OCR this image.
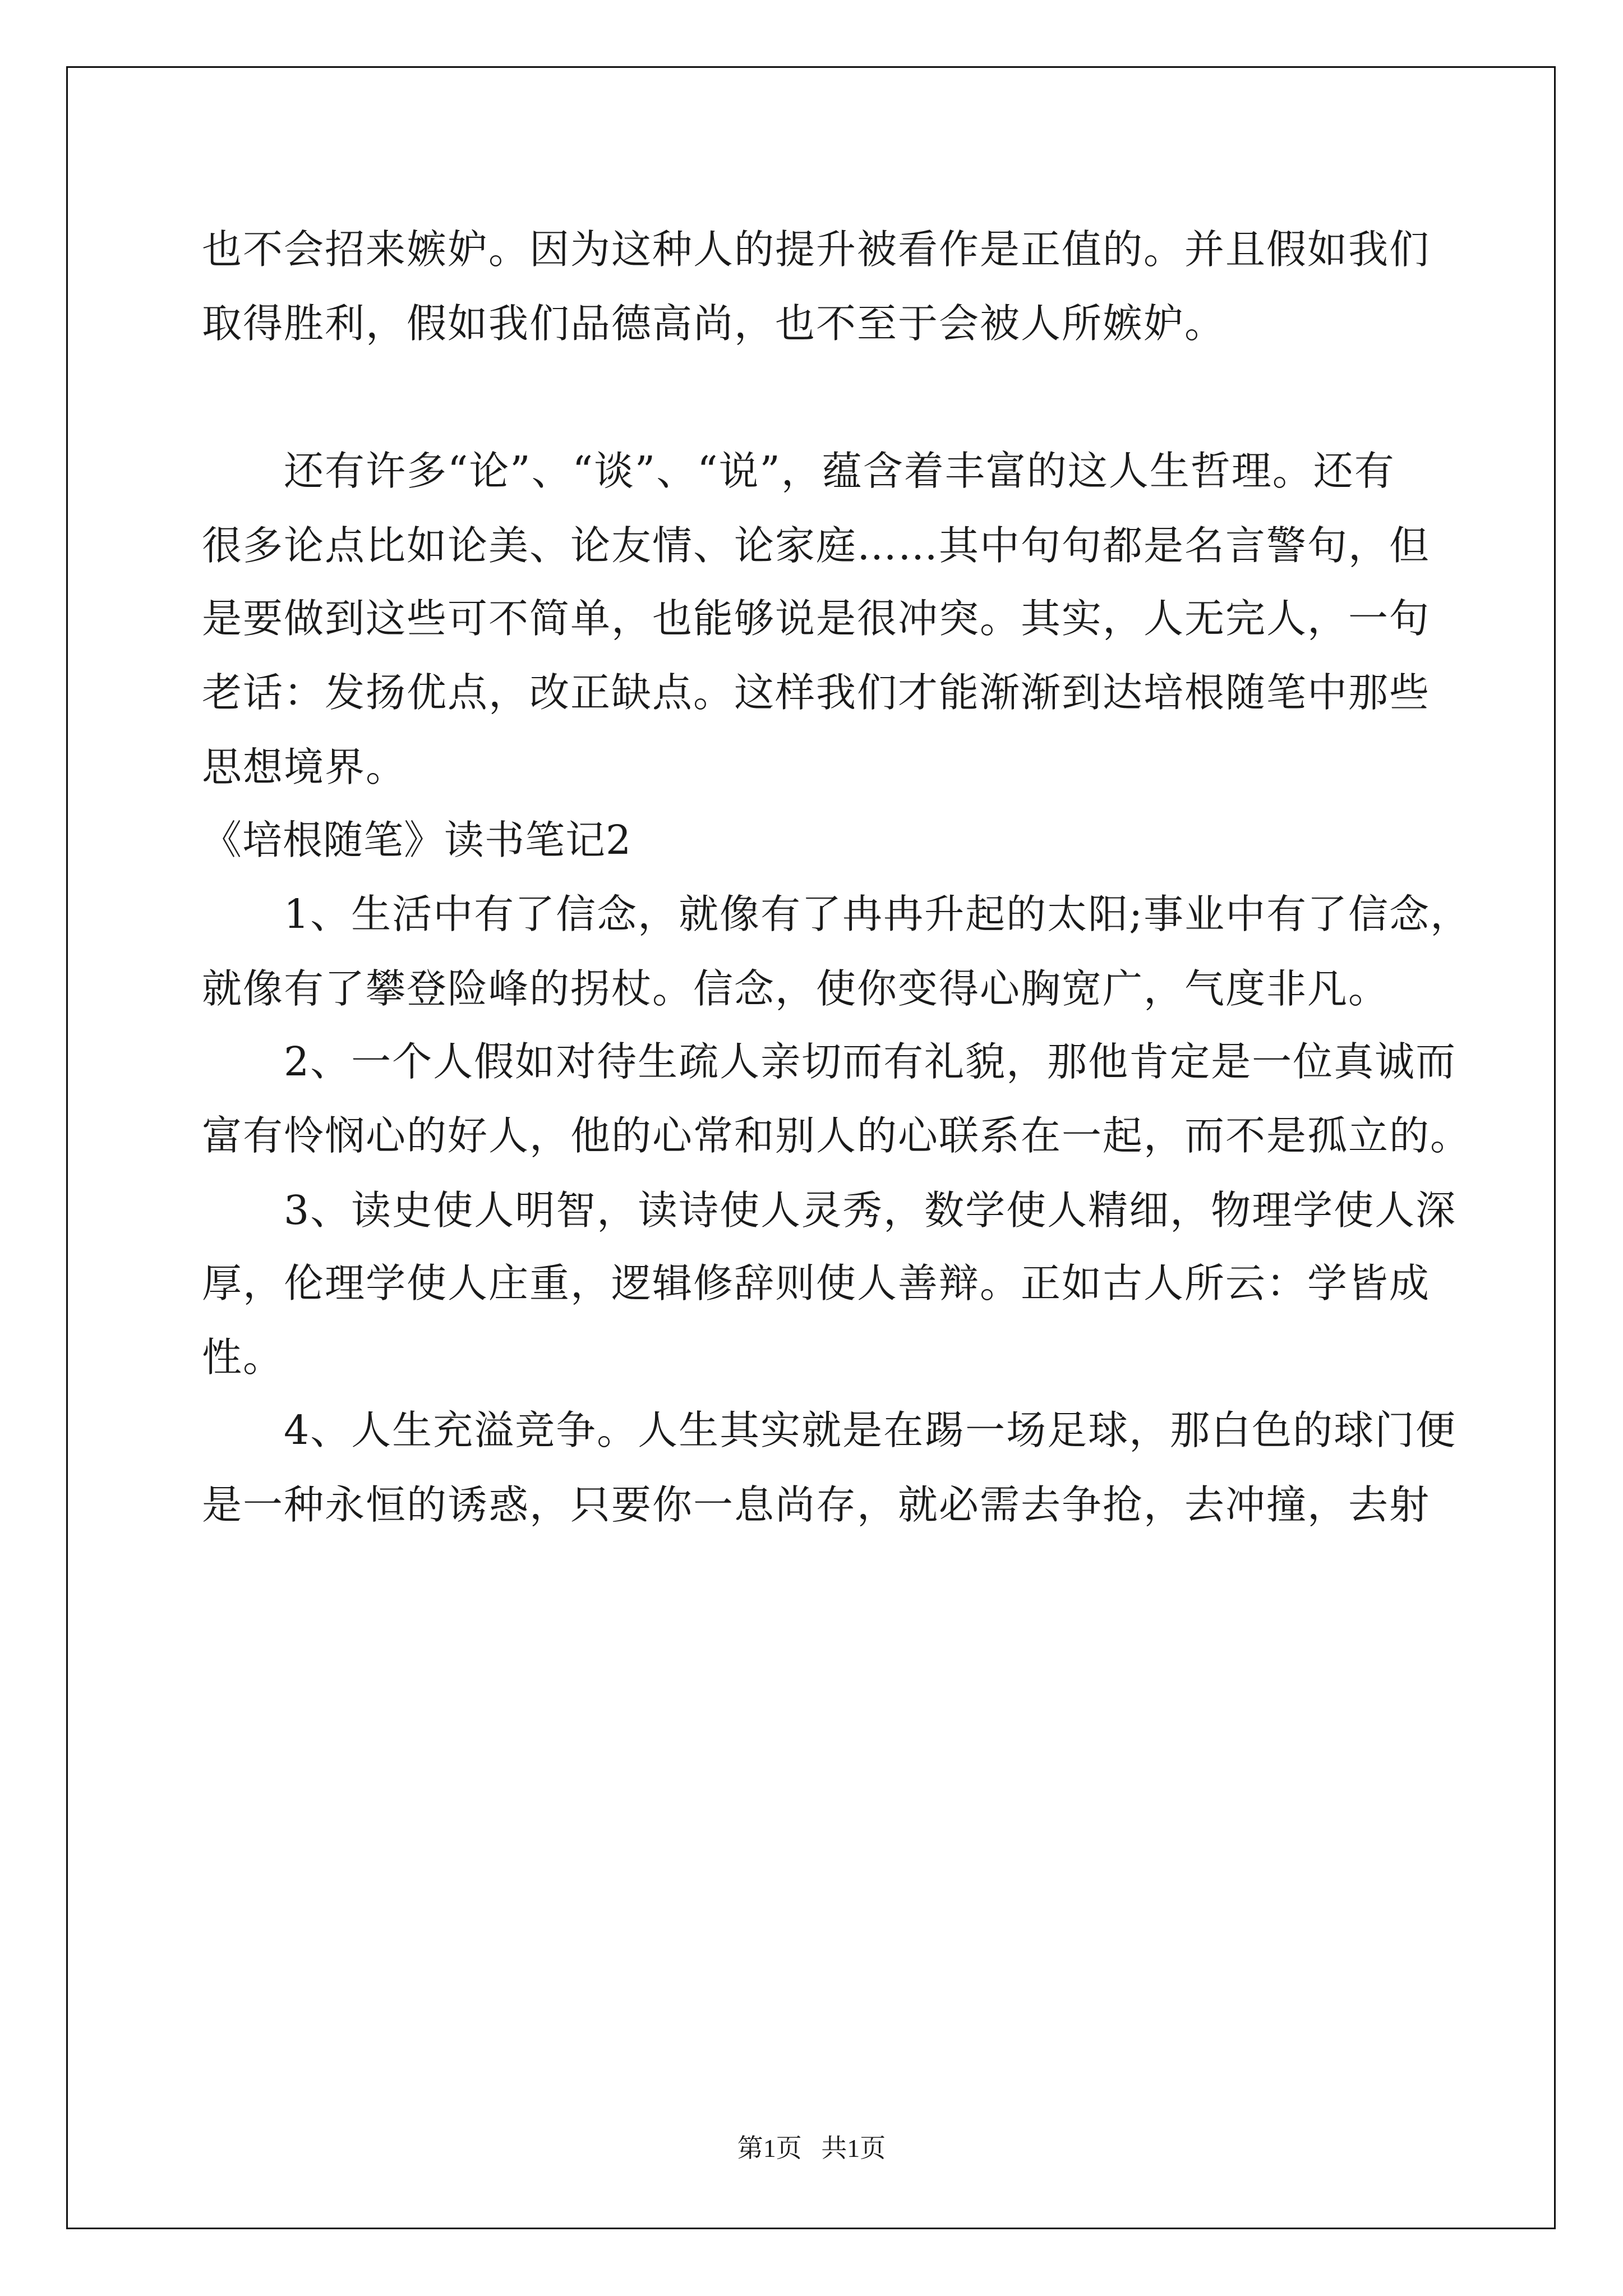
也不会招来嫉妒。因为这种人的提升被看作是正值的。并且假如我们
取得胜利，假如我们品德高尚，也不至于会被人所嫉妒。
　　还有许多“论”、“谈”、“说”，蕴含着丰富的这人生哲理。还有
很多论点比如论美、论友情、论家庭……其中句句都是名言警句，但
是要做到这些可不简单，也能够说是很冲突。其实，人无完人，一句
老话：发扬优点，改正缺点。这样我们才能渐渐到达培根随笔中那些
思想境界。
《培根随笔》读书笔记2
　　1、生活中有了信念，就像有了冉冉升起的太阳;事业中有了信念，
就像有了攀登险峰的拐杖。信念，使你变得心胸宽广，气度非凡。
　　2、一个人假如对待生疏人亲切而有礼貌，那他肯定是一位真诚而
富有怜悯心的好人，他的心常和别人的心联系在一起，而不是孤立的。
　　3、读史使人明智，读诗使人灵秀，数学使人精细，物理学使人深
厚，伦理学使人庄重，逻辑修辞则使人善辩。正如古人所云：学皆成
性。
　　4、人生充溢竞争。人生其实就是在踢一场足球，那白色的球门便
是一种永恒的诱惑，只要你一息尚存，就必需去争抢，去冲撞，去射
第1页   共1页
